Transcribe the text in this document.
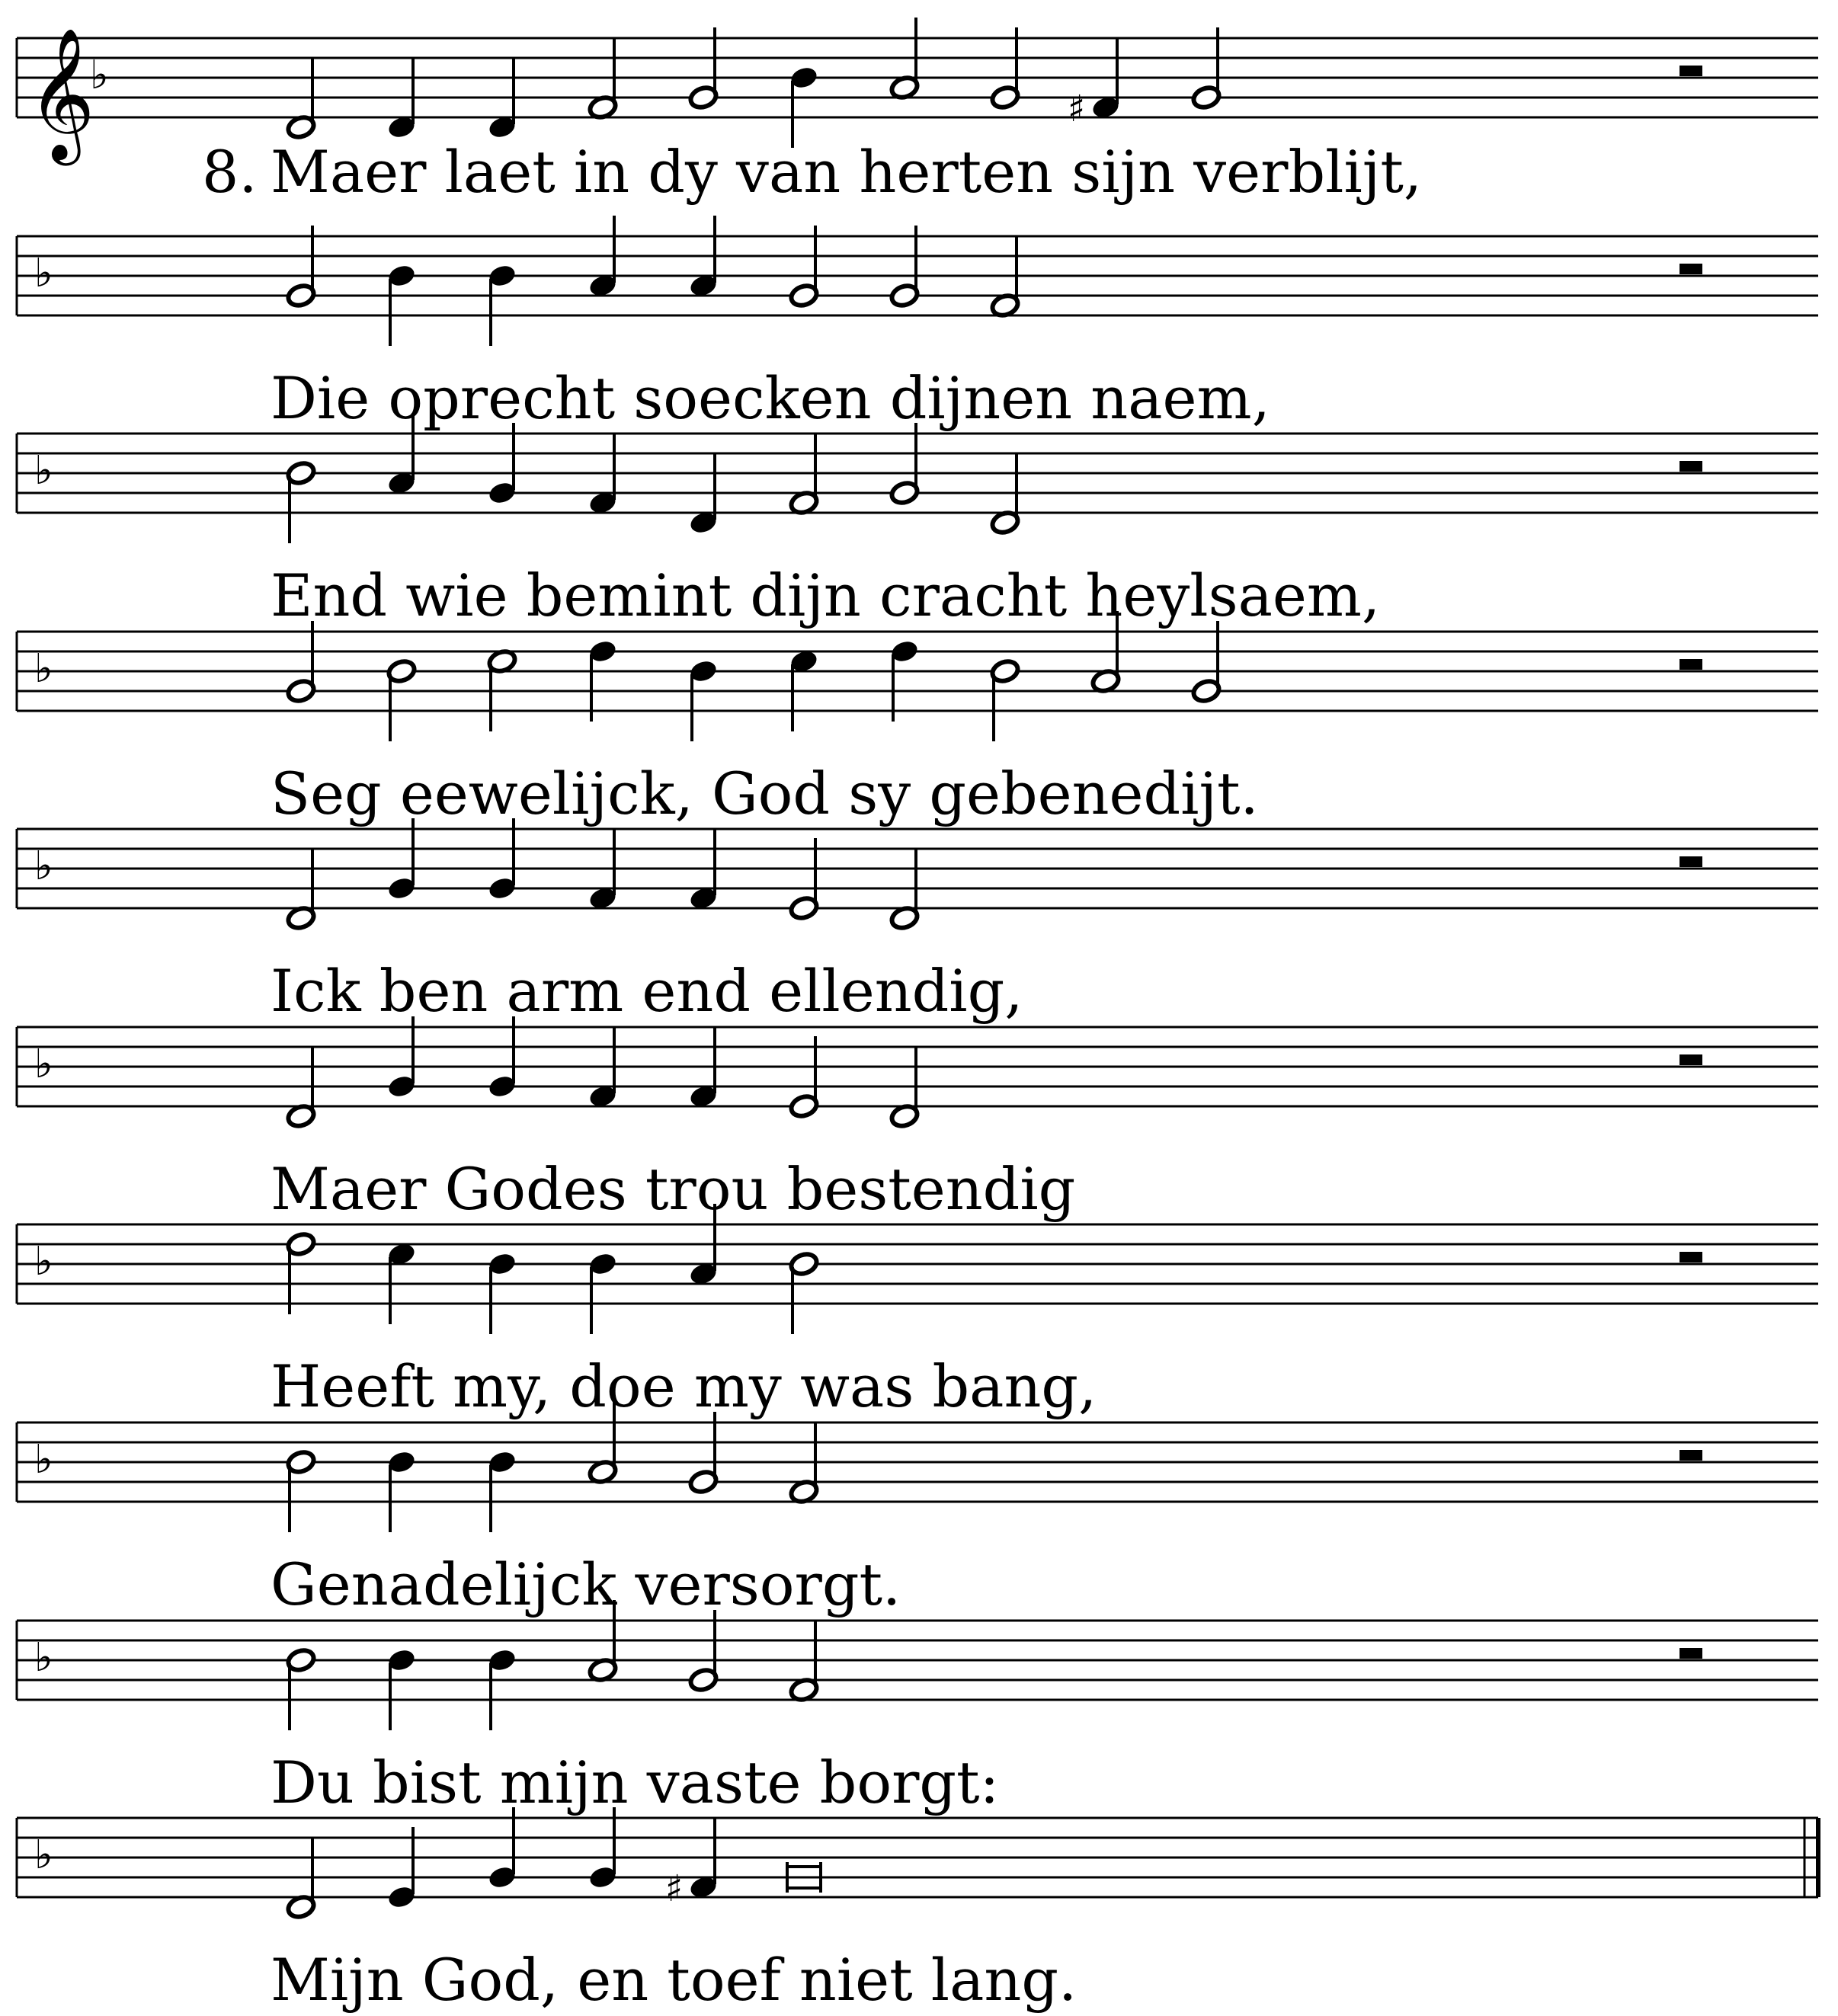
8.
𝄞
♭
♯
Maer laet in dy van herten sijn verblijt,
♭
Die oprecht soecken dijnen naem,
♭
End wie bemint dijn cracht heylsaem,
♭
Seg eewelijck, God sy gebenedijt.
♭
Ick ben arm end ellendig,
♭
Maer Godes trou bestendig
♭
Heeft my, doe my was bang,
♭
Genadelijck versorgt.
♭
Du bist mijn vaste borgt:
♭
♯
Mijn God, en toef niet lang.
